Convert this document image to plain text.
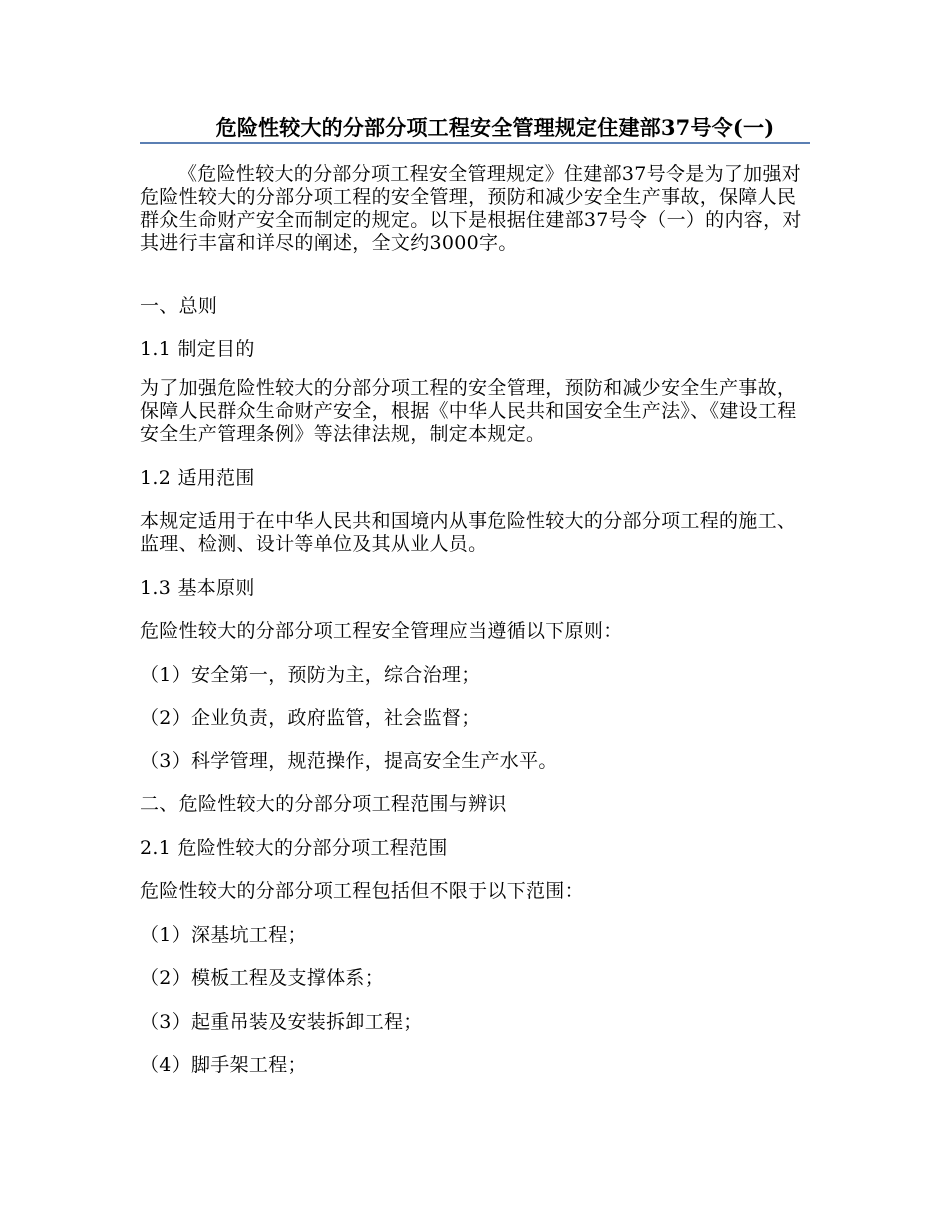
危险性较大的分部分项工程安全管理规定住建部37号令(一)
《危险性较大的分部分项工程安全管理规定》住建部37号令是为了加强对危险性较大的分部分项工程的安全管理，预防和减少安全生产事故，保障人民群众生命财产安全而制定的规定。以下是根据住建部37号令（一）的内容，对其进行丰富和详尽的阐述，全文约3000字。
一、总则
1.1 制定目的
为了加强危险性较大的分部分项工程的安全管理，预防和减少安全生产事故，保障人民群众生命财产安全，根据《中华人民共和国安全生产法》、《建设工程安全生产管理条例》等法律法规，制定本规定。
1.2 适用范围
本规定适用于在中华人民共和国境内从事危险性较大的分部分项工程的施工、监理、检测、设计等单位及其从业人员。
1.3 基本原则
危险性较大的分部分项工程安全管理应当遵循以下原则：
（1）安全第一，预防为主，综合治理；
（2）企业负责，政府监管，社会监督；
（3）科学管理，规范操作，提高安全生产水平。
二、危险性较大的分部分项工程范围与辨识
2.1 危险性较大的分部分项工程范围
危险性较大的分部分项工程包括但不限于以下范围：
（1）深基坑工程；
（2）模板工程及支撑体系；
（3）起重吊装及安装拆卸工程；
（4）脚手架工程；
